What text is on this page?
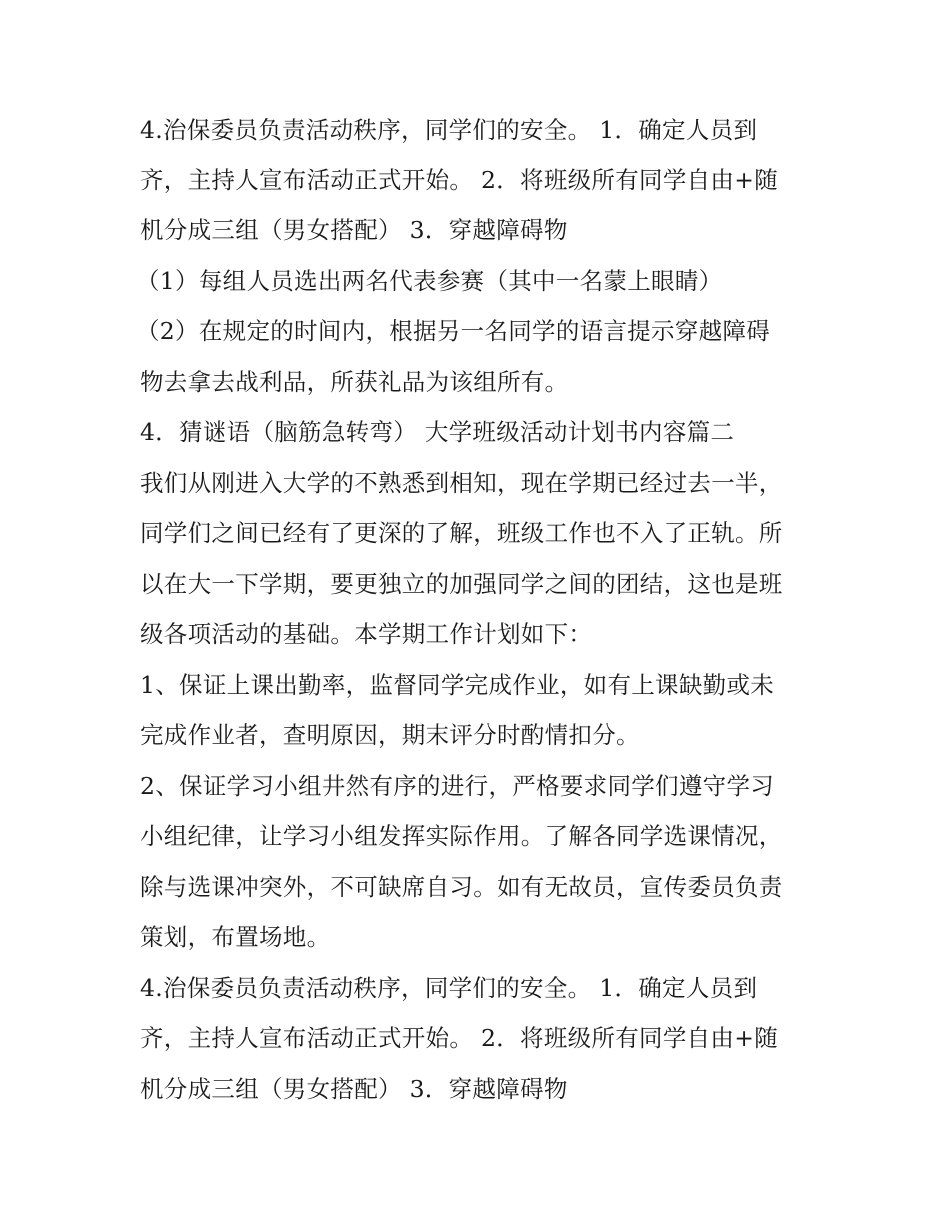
4.治保委员负责活动秩序，同学们的安全。 1．确定人员到
齐，主持人宣布活动正式开始。 2．将班级所有同学自由+随
机分成三组（男女搭配） 3．穿越障碍物
（1）每组人员选出两名代表参赛（其中一名蒙上眼睛）
（2）在规定的时间内，根据另一名同学的语言提示穿越障碍
物去拿去战利品，所获礼品为该组所有。
4．猜谜语（脑筋急转弯） 大学班级活动计划书内容篇二
我们从刚进入大学的不熟悉到相知，现在学期已经过去一半，
同学们之间已经有了更深的了解，班级工作也不入了正轨。所
以在大一下学期，要更独立的加强同学之间的团结，这也是班
级各项活动的基础。本学期工作计划如下：
1、保证上课出勤率，监督同学完成作业，如有上课缺勤或未
完成作业者，查明原因，期末评分时酌情扣分。
2、保证学习小组井然有序的进行，严格要求同学们遵守学习
小组纪律，让学习小组发挥实际作用。了解各同学选课情况，
除与选课冲突外，不可缺席自习。如有无故员，宣传委员负责
策划，布置场地。
4.治保委员负责活动秩序，同学们的安全。 1．确定人员到
齐，主持人宣布活动正式开始。 2．将班级所有同学自由+随
机分成三组（男女搭配） 3．穿越障碍物
